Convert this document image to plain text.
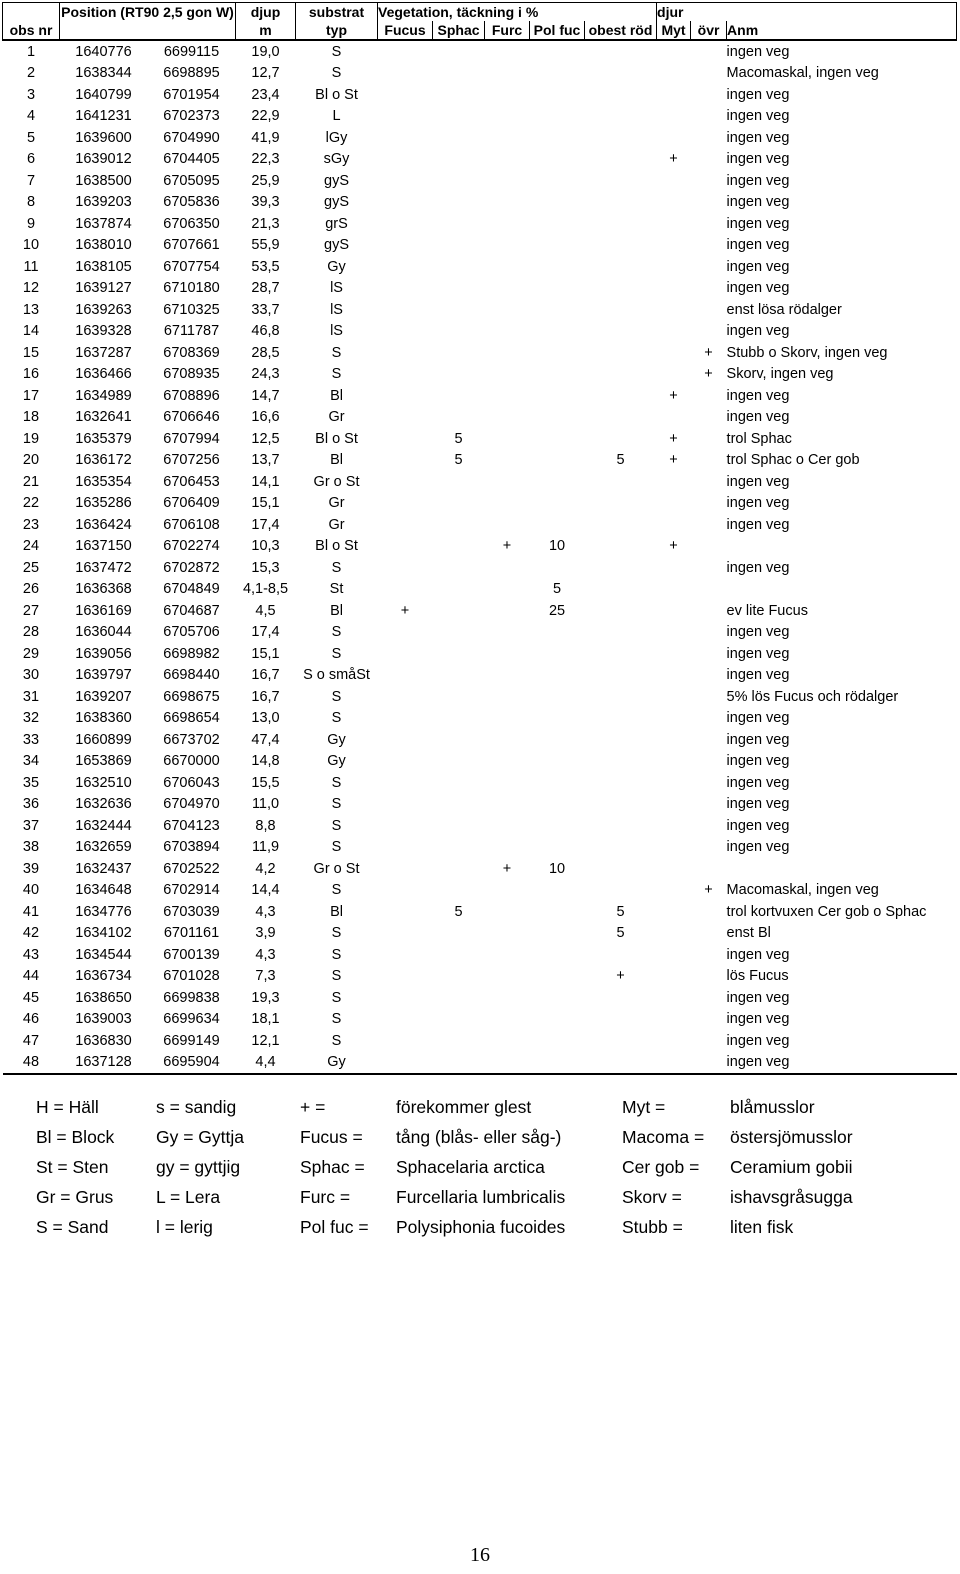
	Position (RT90 2,5 gon W)		djup	substrat	Vegetation, täckning i %					djur		
obs nr			m	typ	Fucus	Sphac	Furc	Pol fuc	obest röd	Myt	övr	Anm
1	1640776	6699115	19,0	S								ingen veg
2	1638344	6698895	12,7	S								Macomaskal, ingen veg
3	1640799	6701954	23,4	Bl o St								ingen veg
4	1641231	6702373	22,9	L								ingen veg
5	1639600	6704990	41,9	lGy								ingen veg
6	1639012	6704405	22,3	sGy						+		ingen veg
7	1638500	6705095	25,9	gyS								ingen veg
8	1639203	6705836	39,3	gyS								ingen veg
9	1637874	6706350	21,3	grS								ingen veg
10	1638010	6707661	55,9	gyS								ingen veg
11	1638105	6707754	53,5	Gy								ingen veg
12	1639127	6710180	28,7	lS								ingen veg
13	1639263	6710325	33,7	lS								enst lösa rödalger
14	1639328	6711787	46,8	lS								ingen veg
15	1637287	6708369	28,5	S							+	Stubb o Skorv, ingen veg
16	1636466	6708935	24,3	S							+	Skorv, ingen veg
17	1634989	6708896	14,7	Bl						+		ingen veg
18	1632641	6706646	16,6	Gr								ingen veg
19	1635379	6707994	12,5	Bl o St		5				+		trol Sphac
20	1636172	6707256	13,7	Bl		5			5	+		trol Sphac o Cer gob
21	1635354	6706453	14,1	Gr o St								ingen veg
22	1635286	6706409	15,1	Gr								ingen veg
23	1636424	6706108	17,4	Gr								ingen veg
24	1637150	6702274	10,3	Bl o St			+	10		+		
25	1637472	6702872	15,3	S								ingen veg
26	1636368	6704849	4,1-8,5	St				5				
27	1636169	6704687	4,5	Bl	+			25				ev lite Fucus
28	1636044	6705706	17,4	S								ingen veg
29	1639056	6698982	15,1	S								ingen veg
30	1639797	6698440	16,7	S o småSt								ingen veg
31	1639207	6698675	16,7	S								5% lös Fucus och rödalger
32	1638360	6698654	13,0	S								ingen veg
33	1660899	6673702	47,4	Gy								ingen veg
34	1653869	6670000	14,8	Gy								ingen veg
35	1632510	6706043	15,5	S								ingen veg
36	1632636	6704970	11,0	S								ingen veg
37	1632444	6704123	8,8	S								ingen veg
38	1632659	6703894	11,9	S								ingen veg
39	1632437	6702522	4,2	Gr o St			+	10				
40	1634648	6702914	14,4	S							+	Macomaskal, ingen veg
41	1634776	6703039	4,3	Bl		5			5			trol kortvuxen Cer gob o Sphac
42	1634102	6701161	3,9	S					5			enst Bl
43	1634544	6700139	4,3	S								ingen veg
44	1636734	6701028	7,3	S					+			lös Fucus
45	1638650	6699838	19,3	S								ingen veg
46	1639003	6699634	18,1	S								ingen veg
47	1636830	6699149	12,1	S								ingen veg
48	1637128	6695904	4,4	Gy								ingen veg
H = Häll	s = sandig	+ =	förekommer glest	Myt =	blåmusslor
Bl = Block	Gy = Gyttja	Fucus =	tång (blås- eller såg-)	Macoma =	östersjömusslor
St = Sten	gy = gyttjig	Sphac =	Sphacelaria arctica	Cer gob =	Ceramium gobii
Gr = Grus	L = Lera	Furc =	Furcellaria lumbricalis	Skorv =	ishavsgråsugga
S = Sand	l = lerig	Pol fuc =	Polysiphonia fucoides	Stubb =	liten fisk
16
